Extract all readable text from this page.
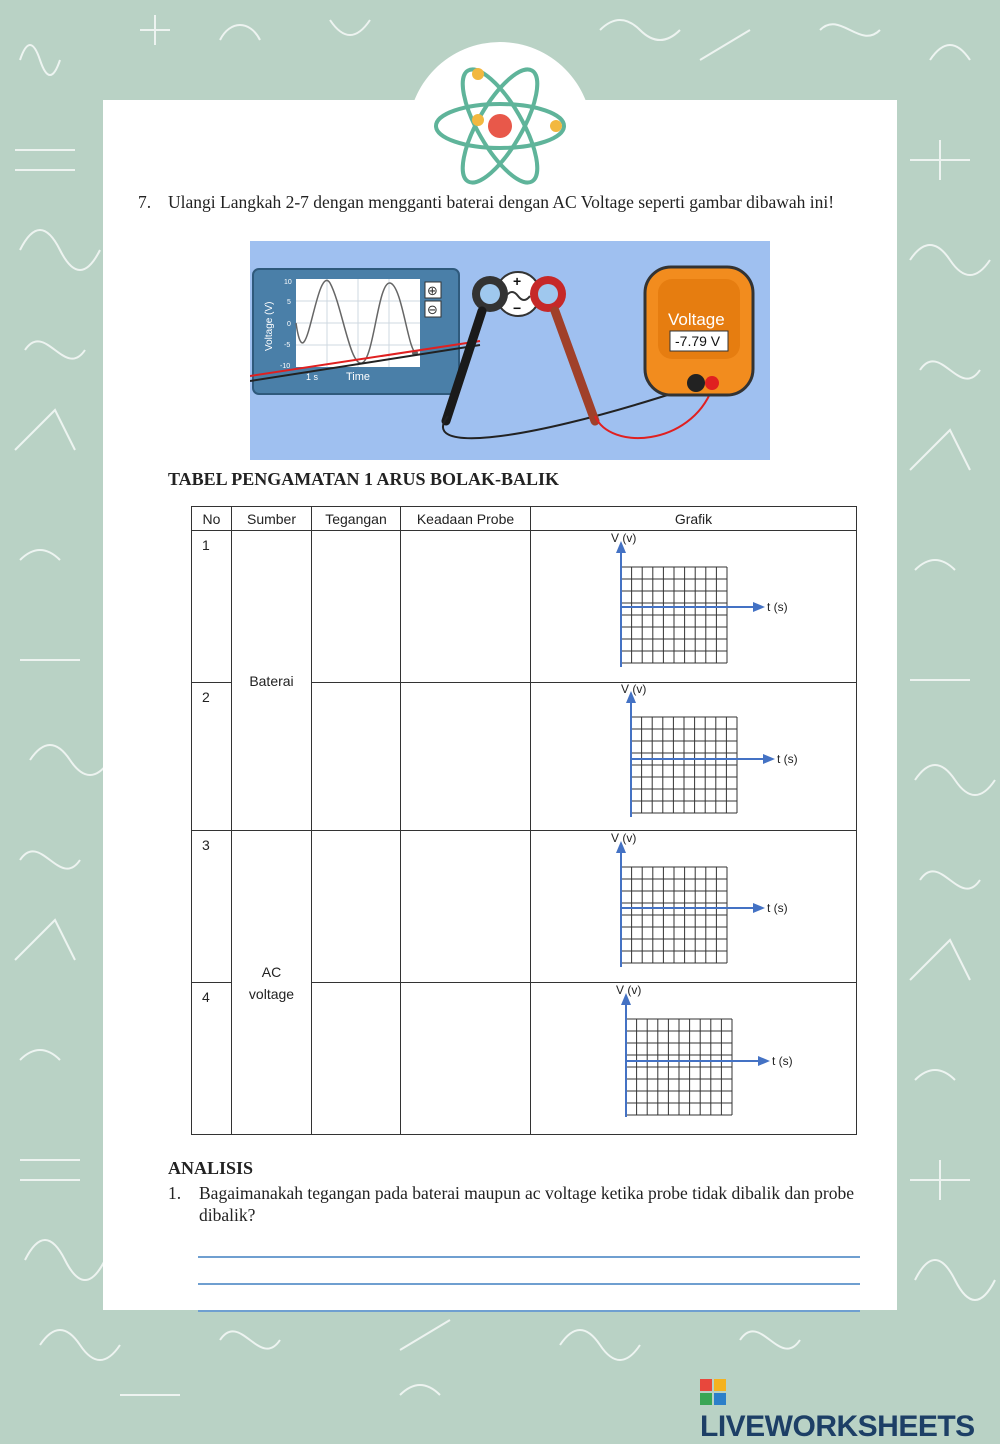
7. Ulangi Langkah 2-7 dengan mengganti baterai dengan AC Voltage seperti gambar dibawah ini!
Voltage (V)
10
5
0
-5
-10
1 s	Time
⊕
⊖
+
−
Voltage
-7.79 V
TABEL PENGAMATAN 1 ARUS BOLAK-BALIK
No	Sumber	Tegangan	Keadaan Probe	Grafik
1	Baterai			V (v)
t (s)

2				V (v)
t (s)

3	AC
voltage			V (v)
t (s)

4				V (v)
t (s)
ANALISIS
1. Bagaimanakah tegangan pada baterai maupun ac voltage ketika probe tidak dibalik dan probe dibalik?
LIVEWORKSHEETS
